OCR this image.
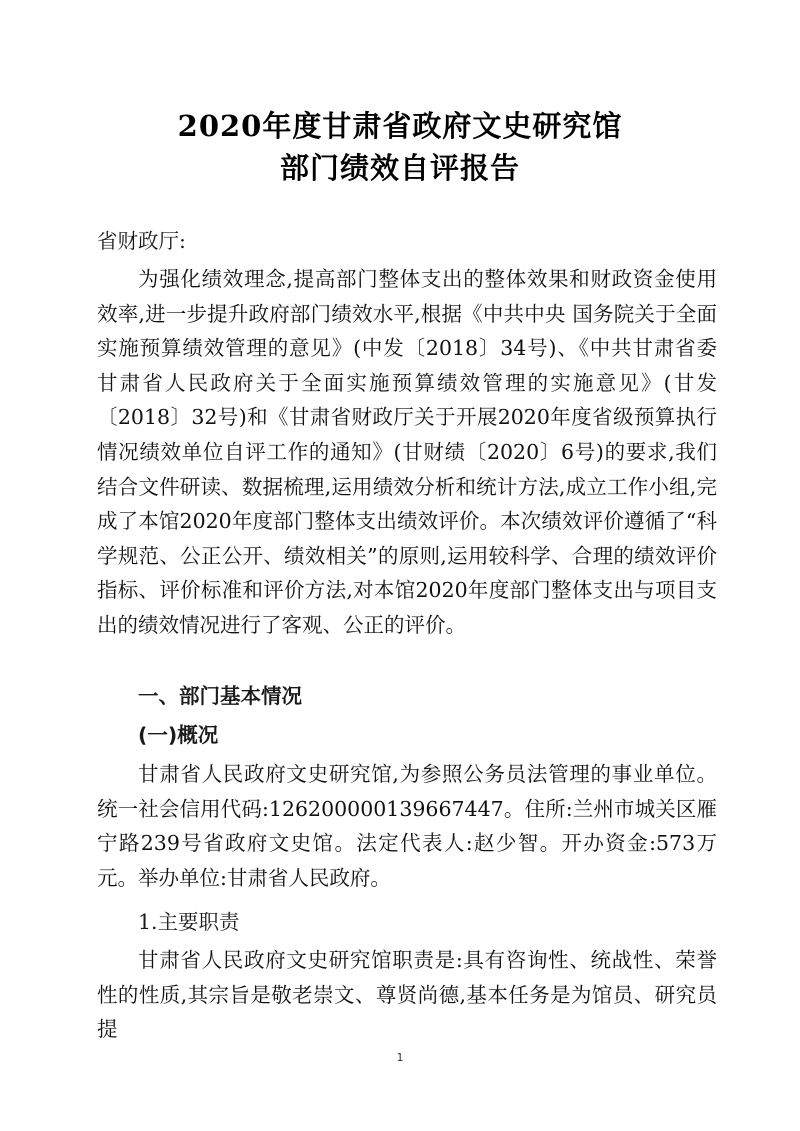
2020年度甘肃省政府文史研究馆
部门绩效自评报告
省财政厅:

为强化绩效理念,提高部门整体支出的整体效果和财政资金使用效率,进一步提升政府部门绩效水平,根据《中共中央 国务院关于全面实施预算绩效管理的意见》(中发〔2018〕34号)、《中共甘肃省委 甘肃省人民政府关于全面实施预算绩效管理的实施意见》(甘发〔2018〕32号)和《甘肃省财政厅关于开展2020年度省级预算执行情况绩效单位自评工作的通知》(甘财绩〔2020〕6号)的要求,我们结合文件研读、数据梳理,运用绩效分析和统计方法,成立工作小组,完成了本馆2020年度部门整体支出绩效评价。本次绩效评价遵循了“科学规范、公正公开、绩效相关”的原则,运用较科学、合理的绩效评价指标、评价标准和评价方法,对本馆2020年度部门整体支出与项目支出的绩效情况进行了客观、公正的评价。

一、部门基本情况
(一)概况

甘肃省人民政府文史研究馆,为参照公务员法管理的事业单位。统一社会信用代码:126200000139667447。住所:兰州市城关区雁宁路239号省政府文史馆。法定代表人:赵少智。开办资金:573万元。举办单位:甘肃省人民政府。

1.主要职责

甘肃省人民政府文史研究馆职责是:具有咨询性、统战性、荣誉性的性质,其宗旨是敬老崇文、尊贤尚德,基本任务是为馆员、研究员提

1
